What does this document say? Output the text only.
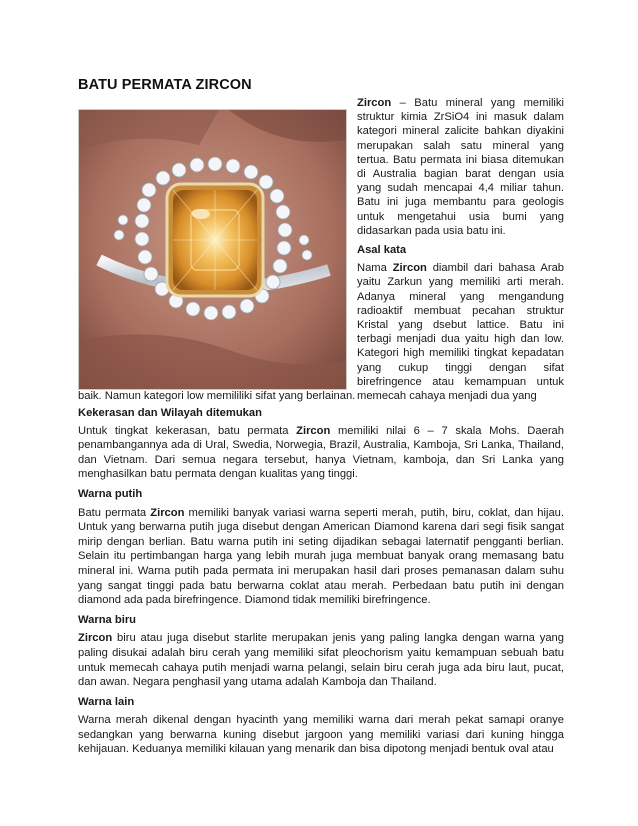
BATU PERMATA ZIRCON

Zircon – Batu mineral yang memiliki struktur kimia ZrSiO4 ini masuk dalam kategori mineral zalicite bahkan diyakini merupakan salah satu mineral yang tertua. Batu permata ini biasa ditemukan di Australia bagian barat dengan usia yang sudah mencapai 4,4 miliar tahun. Batu ini juga membantu para geologis untuk mengetahui usia bumi yang didasarkan pada usia batu ini.

Asal kata

Nama Zircon diambil dari bahasa Arab yaitu Zarkun yang memiliki arti merah. Adanya mineral yang mengandung radioaktif membuat pecahan struktur Kristal yang dsebut lattice. Batu ini terbagi menjadi dua yaitu high dan low. Kategori high memiliki tingkat kepadatan yang cukup tinggi dengan sifat birefringence atau kemampuan untuk memecah cahaya menjadi dua yang

baik. Namun kategori low memililiki sifat yang berlainan.

Kekerasan dan Wilayah ditemukan

Untuk tingkat kekerasan, batu permata Zircon memiliki nilai 6 – 7 skala Mohs. Daerah penambangannya ada di Ural, Swedia, Norwegia, Brazil, Australia, Kamboja, Sri Lanka, Thailand, dan Vietnam. Dari semua negara tersebut, hanya Vietnam, kamboja, dan Sri Lanka yang menghasilkan batu permata dengan kualitas yang tinggi.

Warna putih

Batu permata Zircon memiliki banyak variasi warna seperti merah, putih, biru, coklat, dan hijau. Untuk yang berwarna putih juga disebut dengan American Diamond karena dari segi fisik sangat mirip dengan berlian. Batu warna putih ini seting dijadikan sebagai laternatif pengganti berlian. Selain itu pertimbangan harga yang lebih murah juga membuat banyak orang memasang batu mineral ini. Warna putih pada permata ini merupakan hasil dari proses pemanasan dalam suhu yang sangat tinggi pada batu berwarna coklat atau merah. Perbedaan batu putih ini dengan diamond ada pada birefringence. Diamond tidak memiliki birefringence.

Warna biru

Zircon biru atau juga disebut starlite merupakan jenis yang paling langka dengan warna yang paling disukai adalah biru cerah yang memiliki sifat pleochorism yaitu kemampuan sebuah batu untuk memecah cahaya putih menjadi warna pelangi, selain biru cerah juga ada biru laut, pucat, dan awan. Negara penghasil yang utama adalah Kamboja dan Thailand.

Warna lain

Warna merah dikenal dengan hyacinth yang memiliki warna dari merah pekat samapi oranye sedangkan yang berwarna kuning disebut jargoon yang memiliki variasi dari kuning hingga kehijauan. Keduanya memiliki kilauan yang menarik dan bisa dipotong menjadi bentuk oval atau
